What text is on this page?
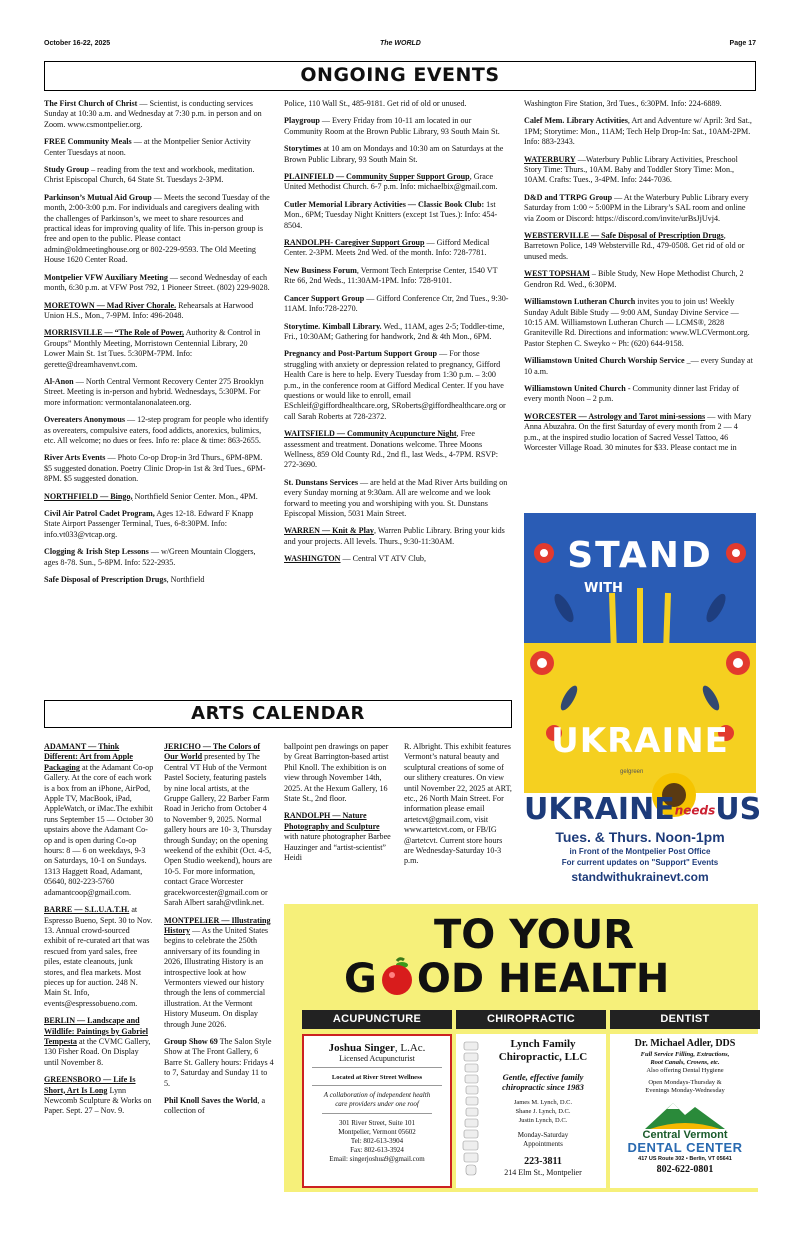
October 16-22, 2025	The WORLD	Page 17
ONGOING EVENTS

The First Church of Christ — Scientist, is conducting services Sunday at 10:30 a.m. and Wednesday at 7:30 p.m. in person and on Zoom. www.csmontpelier.org.

FREE Community Meals — at the Montpelier Senior Activity Center Tuesdays at noon.

Study Group – reading from the text and workbook, meditation. Christ Episcopal Church, 64 State St. Tuesdays 2-3PM.

Parkinson’s Mutual Aid Group — Meets the second Tuesday of the month, 2:00-3:00 p.m. For individuals and caregivers dealing with the challenges of Parkinson’s, we meet to share resources and practical ideas for improving quality of life. This in-person group is free and open to the public. Please contact admin@oldmeetinghouse.org or 802-229-9593. The Old Meeting House 1620 Center Road.

Montpelier VFW Auxiliary Meeting — second Wednesday of each month, 6:30 p.m. at VFW Post 792, 1 Pioneer Street. (802) 229-9028.

MORETOWN — Mad River Chorale. Rehearsals at Harwood Union H.S., Mon., 7-9PM. Info: 496-2048.

MORRISVILLE — “The Role of Power, Authority & Control in Groups” Monthly Meeting, Morristown Centennial Library, 20 Lower Main St. 1st Tues. 5:30PM-7PM. Info: gerette@dreamhavenvt.com.

Al-Anon — North Central Vermont Recovery Center 275 Brooklyn Street. Meeting is in-person and hybrid. Wednesdays, 5:30PM. For more information: vermontalanonalateen.org.

Overeaters Anonymous — 12-step program for people who identify as overeaters, compulsive eaters, food addicts, anorexics, bulimics, etc. All welcome; no dues or fees. Info re: place & time: 863-2655.

River Arts Events — Photo Co-op Drop-in 3rd Thurs., 6PM-8PM. $5 suggested donation. Poetry Clinic Drop-in 1st & 3rd Tues., 6PM-8PM. $5 suggested donation.

NORTHFIELD — Bingo, Northfield Senior Center. Mon., 4PM.

Civil Air Patrol Cadet Program, Ages 12-18. Edward F Knapp State Airport Passenger Terminal, Tues, 6-8:30PM. Info: info.vt033@vtcap.org.

Clogging & Irish Step Lessons — w/Green Mountain Cloggers, ages 8-78. Sun., 5-8PM. Info: 522-2935.

Safe Disposal of Prescription Drugs, Northfield

Police, 110 Wall St., 485-9181. Get rid of old or unused.

Playgroup — Every Friday from 10-11 am located in our Community Room at the Brown Public Library, 93 South Main St.

Storytimes at 10 am on Mondays and 10:30 am on Saturdays at the Brown Public Library, 93 South Main St.

PLAINFIELD — Community Supper Support Group, Grace United Methodist Church. 6-7 p.m. Info: michaelbix@gmail.com.

Cutler Memorial Library Activities — Classic Book Club: 1st Mon., 6PM; Tuesday Night Knitters (except 1st Tues.): Info: 454-8504.

RANDOLPH- Caregiver Support Group — Gifford Medical Center. 2-3PM. Meets 2nd Wed. of the month. Info: 728-7781.

New Business Forum, Vermont Tech Enterprise Center, 1540 VT Rte 66, 2nd Weds., 11:30AM-1PM. Info: 728-9101.

Cancer Support Group — Gifford Conference Ctr, 2nd Tues., 9:30-11AM. Info:728-2270.

Storytime. Kimball Library. Wed., 11AM, ages 2-5; Toddler-time, Fri., 10:30AM; Gathering for handwork, 2nd & 4th Mon., 6PM.

Pregnancy and Post-Partum Support Group — For those struggling with anxiety or depression related to pregnancy, Gifford Health Care is here to help. Every Tuesday from 1:30 p.m. – 3:00 p.m., in the conference room at Gifford Medical Center. If you have questions or would like to enroll, email ESchleif@giffordhealthcare.org, SRoberts@giffordhealthcare.org or call Sarah Roberts at 728-2372.

WAITSFIELD — Community Acupuncture Night, Free assessment and treatment. Donations welcome. Three Moons Wellness, 859 Old County Rd., 2nd fl., last Weds., 4-7PM. RSVP: 272-3690.

St. Dunstans Services — are held at the Mad River Arts building on every Sunday morning at 9:30am. All are welcome and we look forward to meeting you and worshiping with you. St. Dunstans Episcopal Mission, 5031 Main Street.

WARREN — Knit & Play, Warren Public Library. Bring your kids and your projects. All levels. Thurs., 9:30-11:30AM.

WASHINGTON — Central VT ATV Club,

Washington Fire Station, 3rd Tues., 6:30PM. Info: 224-6889.

Calef Mem. Library Activities, Art and Adventure w/ April: 3rd Sat., 1PM; Storytime: Mon., 11AM; Tech Help Drop-In: Sat., 10AM-2PM. Info: 883-2343.

WATERBURY —Waterbury Public Library Activities, Preschool Story Time: Thurs., 10AM. Baby and Toddler Story Time: Mon., 10AM. Crafts: Tues., 3-4PM. Info: 244-7036.

D&D and TTRPG Group — At the Waterbury Public Library every Saturday from 1:00 ~ 5:00PM in the Library’s SAL room and online via Zoom or Discord: https://discord.com/invite/urBsJjUvj4.

WEBSTERVILLE — Safe Disposal of Prescription Drugs, Barretown Police, 149 Websterville Rd., 479-0508. Get rid of old or unused meds.

WEST TOPSHAM – Bible Study, New Hope Methodist Church, 2 Gendron Rd. Wed., 6:30PM.

Williamstown Lutheran Church invites you to join us! Weekly Sunday Adult Bible Study — 9:00 AM, Sunday Divine Service — 10:15 AM. Williamstown Lutheran Church — LCMS®, 2828 Graniteville Rd. Directions and information: www.WLCVermont.org. Pastor Stephen C. Sweyko ~ Ph: (620) 644-9158.

Williamstown United Church Worship Service _— every Sunday at 10 a.m.

Williamstown United Church - Community dinner last Friday of every month Noon – 2 p.m.

WORCESTER — Astrology and Tarot mini-sessions — with Mary Anna Abuzahra. On the first Saturday of every month from 2 — 4 p.m., at the inspired studio location of Sacred Vessel Tattoo, 46 Worcester Village Road. 30 minutes for $33. Please contact me in

ARTS CALENDAR

ADAMANT — Think Different: Art from Apple Packaging at the Adamant Co-op Gallery. At the core of each work is a box from an iPhone, AirPod, Apple TV, MacBook, iPad, AppleWatch, or iMac.The exhibit runs September 15 — October 30 upstairs above the Adamant Co-op and is open during Co-op hours: 8 — 6 on weekdays, 9-3 on Saturdays, 10-1 on Sundays. 1313 Haggett Road, Adamant, 05640, 802-223-5760 adamantcoop@gmail.com.

BARRE — S.L.U.A.T.H. at Espresso Bueno, Sept. 30 to Nov. 13. Annual crowd-sourced exhibit of re-curated art that was rescued from yard sales, free piles, estate cleanouts, junk stores, and flea markets. Most pieces up for auction. 248 N. Main St. Info, events@espressobueno.com.

BERLIN — Landscape and Wildlife: Paintings by Gabriel Tempesta at the CVMC Gallery, 130 Fisher Road. On Display until November 8.

GREENSBORO — Life Is Short, Art Is Long Lynn Newcomb Sculpture & Works on Paper. Sept. 27 – Nov. 9.

JERICHO — The Colors of Our World presented by The Central VT Hub of the Vermont Pastel Society, featuring pastels by nine local artists, at the Gruppe Gallery, 22 Barber Farm Road in Jericho from October 4 to November 9, 2025. Normal gallery hours are 10- 3, Thursday through Sunday; on the opening weekend of the exhibit (Oct. 4-5, Open Studio weekend), hours are 10-5. For more information, contact Grace Worcester gracekworcester@gmail.com or Sarah Albert sarah@vtlink.net.

MONTPELIER — Illustrating History — As the United States begins to celebrate the 250th anniversary of its founding in 2026, Illustrating History is an introspective look at how Vermonters viewed our history through the lens of commercial illustration. At the Vermont History Museum. On display through June 2026.

Group Show 69 The Salon Style Show at The Front Gallery, 6 Barre St. Gallery hours: Fridays 4 to 7, Saturday and Sunday 11 to 5.

Phil Knoll Saves the World, a collection of

ballpoint pen drawings on paper by Great Barrington-based artist Phil Knoll. The exhibition is on view through November 14th, 2025. At the Hexum Gallery, 16 State St., 2nd floor.

RANDOLPH — Nature Photography and Sculpture with nature photographer Barbee Hauzinger and “artist-scientist” Heidi

R. Albright. This exhibit features Vermont’s natural beauty and sculptural creations of some of our slithery creatures. On view until November 22, 2025 at ART, etc., 26 North Main Street. For information please email artetcvt@gmail.com, visit www.artetcvt.com, or FB/IG @artetcvt. Current store hours are Wednesday-Saturday 10-3 p.m.

STAND
WITH
UKRAINE
gelgreen
UKRAINEneedsUS
Tues. & Thurs. Noon-1pm
in Front of the Montpelier Post Office
For current updates on "Support" Events
standwithukrainevt.com
TO YOUR
G OD HEALTH
ACUPUNCTURE	CHIROPRACTIC	DENTIST
Joshua Singer, L.Ac.
Licensed Acupuncturist
Located at River Street Wellness
A collaboration of independent health care providers under one roof
301 River Street, Suite 101
Montpelier, Vermont 05602
Tel: 802-613-3904
Fax: 802-613-3924
Email: singerjoshua9@gmail.com
Lynch Family
Chiropractic, LLC
Gentle, effective family chiropractic since 1983
James M. Lynch, D.C.
Shane J. Lynch, D.C.
Justin Lynch, D.C.
Monday-Saturday
Appointments
223-3811
214 Elm St., Montpelier
Dr. Michael Adler, DDS
Full Service Filling, Extractions,
Root Canals, Crowns, etc.
Also offering Dental Hygiene
Open Mondays-Thursday &
Evenings Monday-Wednesday
Central Vermont
DENTAL CENTER
417 US Route 302 • Berlin, VT 05641
802-622-0801
